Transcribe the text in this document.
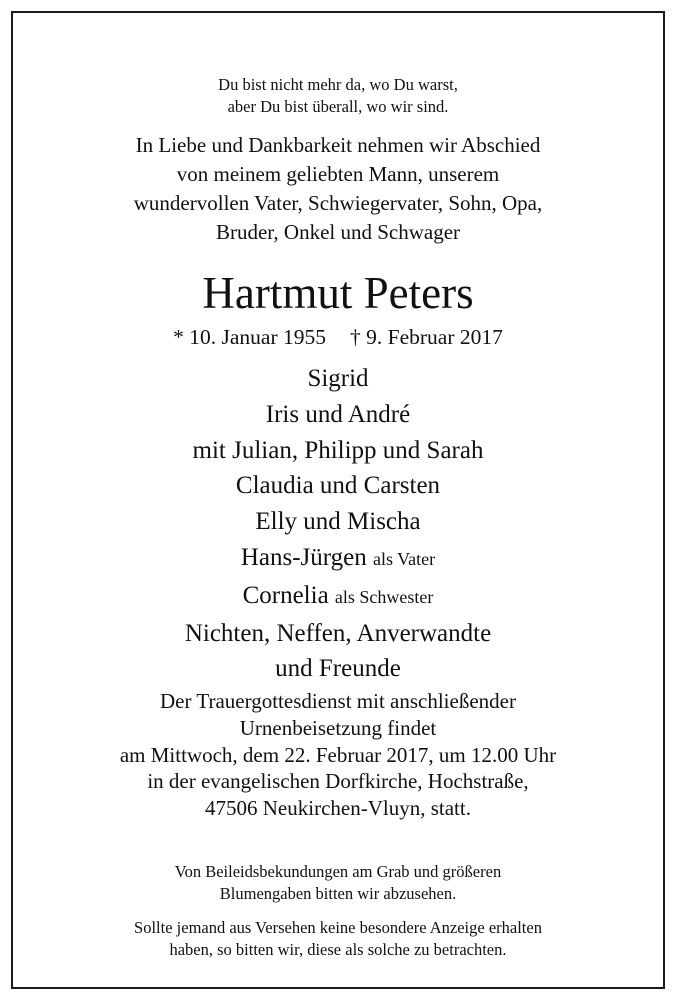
Du bist nicht mehr da, wo Du warst,
aber Du bist überall, wo wir sind.
In Liebe und Dankbarkeit nehmen wir Abschied
von meinem geliebten Mann, unserem
wundervollen Vater, Schwiegervater, Sohn, Opa,
Bruder, Onkel und Schwager
Hartmut Peters
* 10. Januar 1955 † 9. Februar 2017
Sigrid
Iris und André
mit Julian, Philipp und Sarah
Claudia und Carsten
Elly und Mischa
Hans-Jürgen als Vater
Cornelia als Schwester
Nichten, Neffen, Anverwandte
und Freunde
Der Trauergottesdienst mit anschließender
Urnenbeisetzung findet
am Mittwoch, dem 22. Februar 2017, um 12.00 Uhr
in der evangelischen Dorfkirche, Hochstraße,
47506 Neukirchen-Vluyn, statt.
Von Beileidsbekundungen am Grab und größeren
Blumengaben bitten wir abzusehen.
Sollte jemand aus Versehen keine besondere Anzeige erhalten
haben, so bitten wir, diese als solche zu betrachten.
